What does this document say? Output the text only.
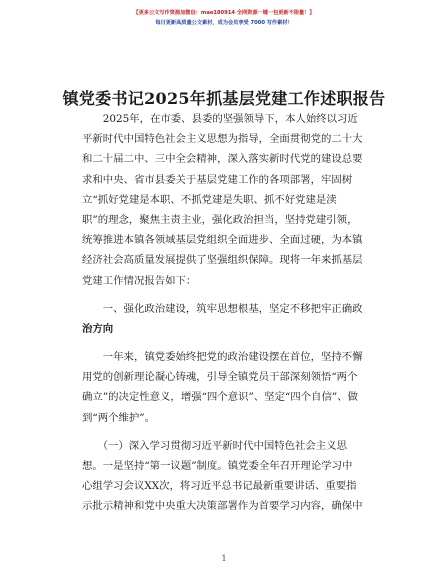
【更多公文写作资源加微信：mao180914 全网资源一键一包更新不限量！】
每日更新高质量公文素材，成为会员享受 7000 写作素材！
镇党委书记2025年抓基层党建工作述职报告
　　2025年，在市委、县委的坚强领导下，本人始终以习近
平新时代中国特色社会主义思想为指导，全面贯彻党的二十大
和二十届二中、三中全会精神，深入落实新时代党的建设总要
求和中央、省市县委关于基层党建工作的各项部署，牢固树
立“抓好党建是本职、不抓党建是失职、抓不好党建是渎
职”的理念，聚焦主责主业，强化政治担当，坚持党建引领，
统筹推进本镇各领域基层党组织全面进步、全面过硬，为本镇
经济社会高质量发展提供了坚强组织保障。现将一年来抓基层
党建工作情况报告如下：
　　一、强化政治建设，筑牢思想根基，坚定不移把牢正确政
治方向
　　一年来，镇党委始终把党的政治建设摆在首位，坚持不懈
用党的创新理论凝心铸魂，引导全镇党员干部深刻领悟“两个
确立”的决定性意义，增强“四个意识”、坚定“四个自信”、做
到“两个维护”。
　　（一）深入学习贯彻习近平新时代中国特色社会主义思
想。一是坚持“第一议题”制度。镇党委全年召开理论学习中
心组学习会议XX次，将习近平总书记最新重要讲话、重要指
示批示精神和党中央重大决策部署作为首要学习内容，确保中
1
